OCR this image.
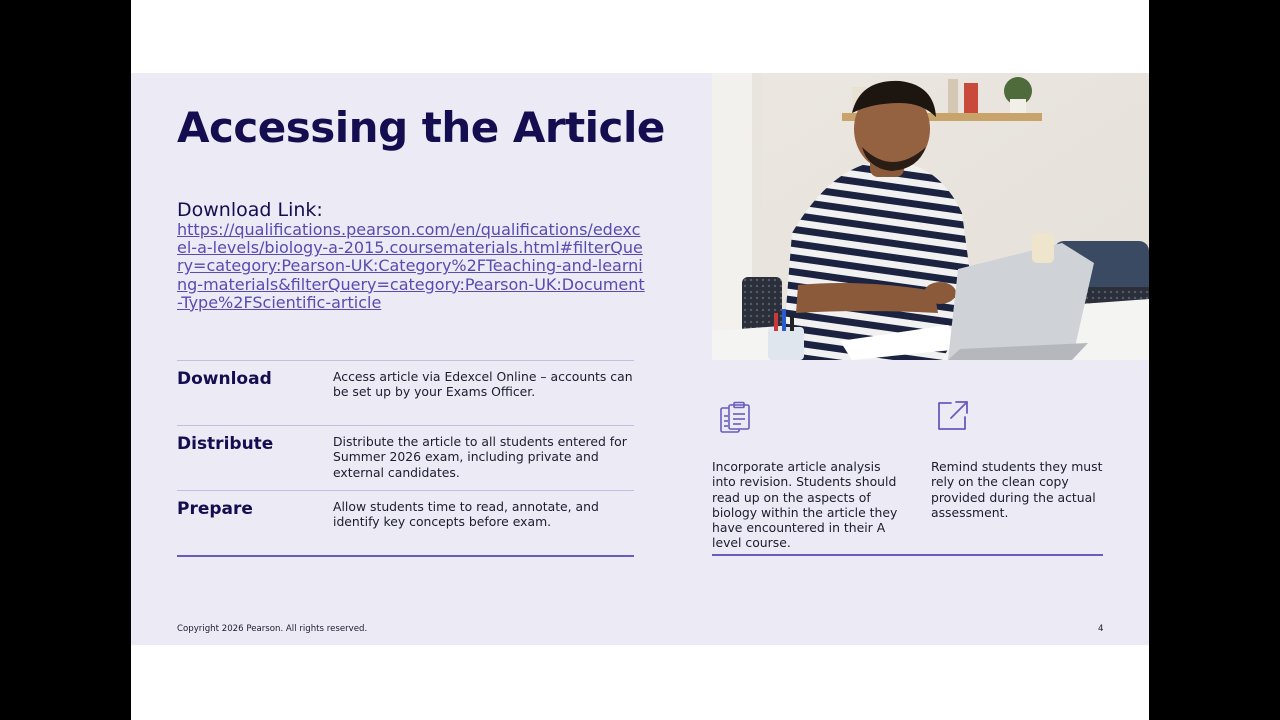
Accessing the Article
Download Link:
https://qualifications.pearson.com/en/qualifications/edexcel-a-levels/biology-a-2015.coursematerials.html#filterQuery=category:Pearson-UK:Category%2FTeaching-and-learning-materials&filterQuery=category:Pearson-UK:Document-Type%2FScientific-article
Download	Access article via Edexcel Online – accounts can be set up by your Exams Officer.
Distribute	Distribute the article to all students entered for Summer 2026 exam, including private and external candidates.
Prepare	Allow students time to read, annotate, and identify key concepts before exam.
Incorporate article analysis into revision. Students should read up on the aspects of biology within the article they have encountered in their A level course.
Remind students they must rely on the clean copy provided during the actual assessment.
Copyright 2026 Pearson. All rights reserved.	4
